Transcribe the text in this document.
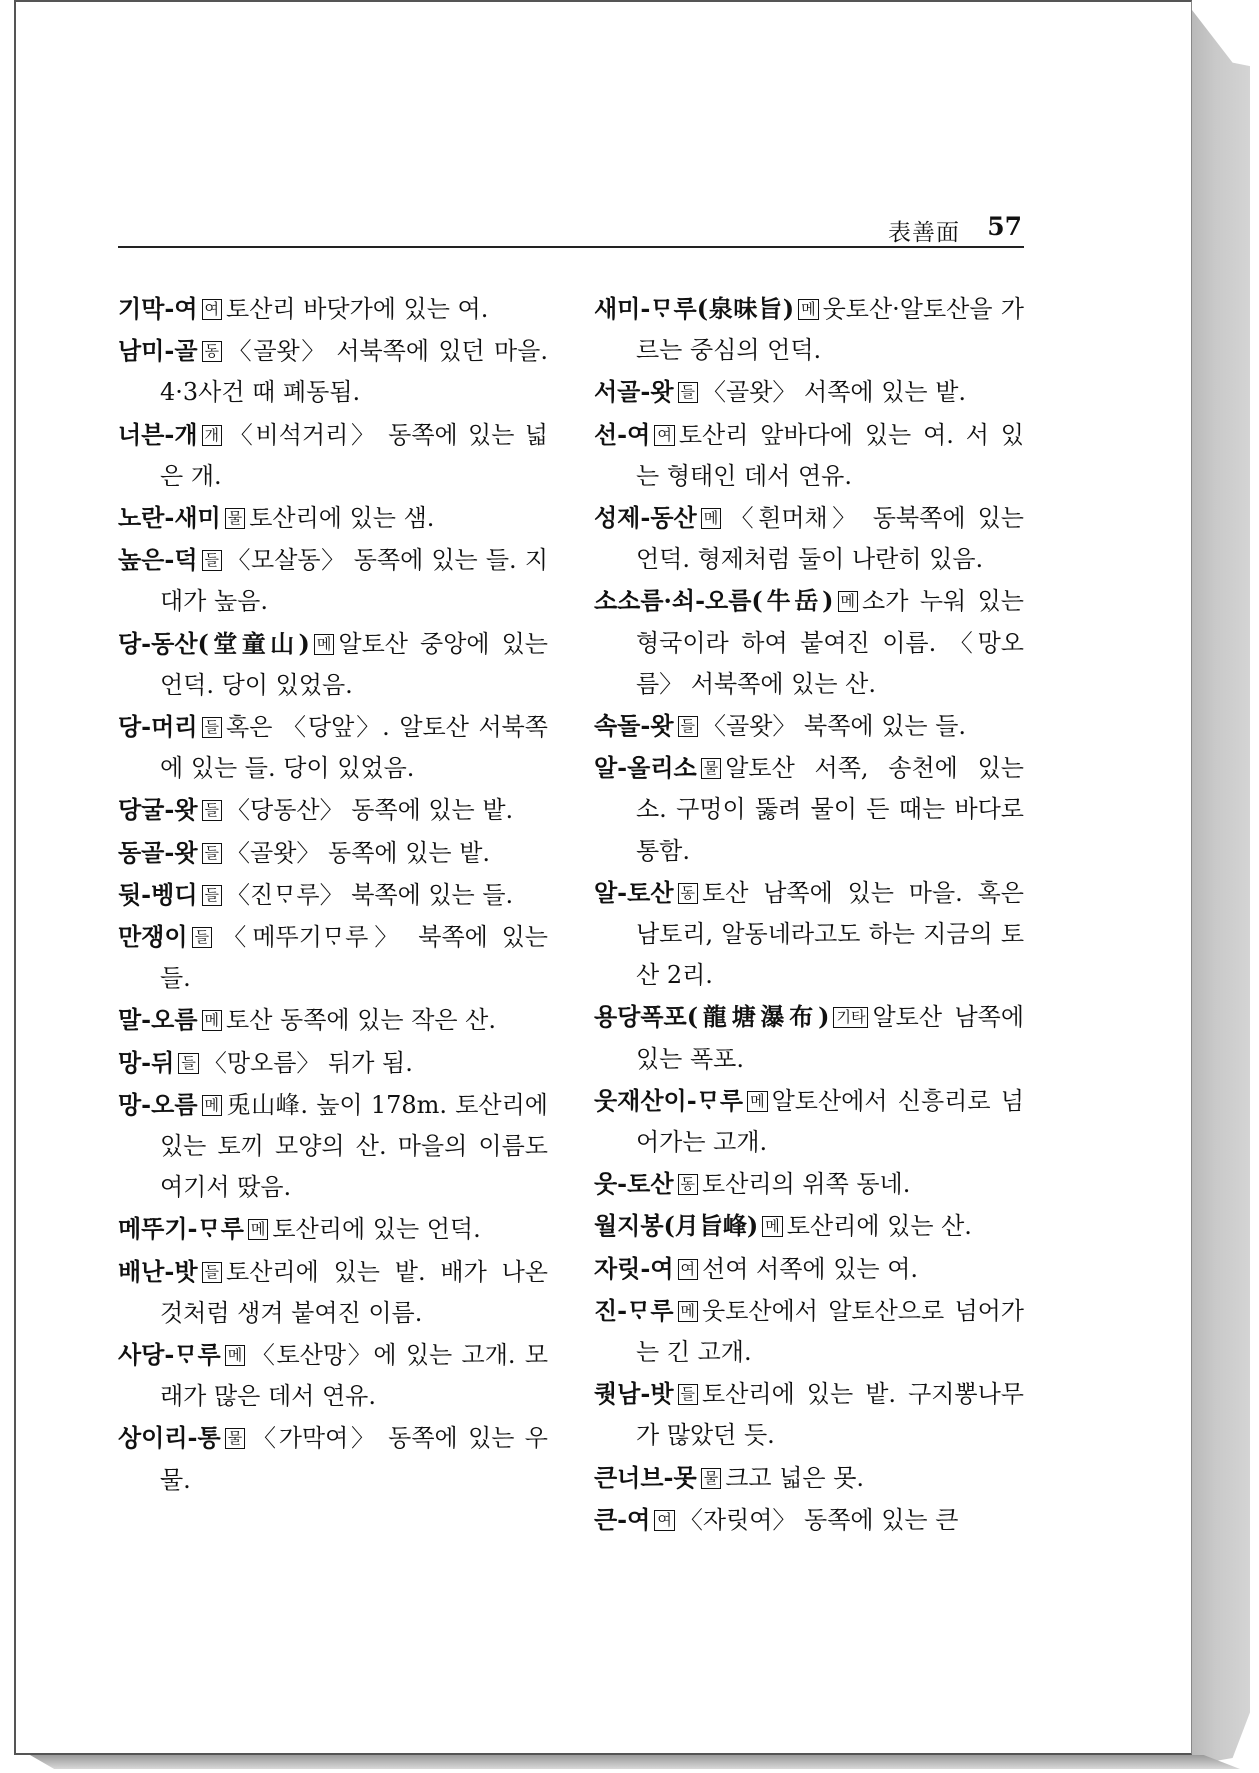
表善面 57
기막-여 여 토산리 바닷가에 있는 여.
남미-골 동 〈골왓〉 서북쪽에 있던 마을. 4·3사건 때 폐동됨.
너븐-개 개 〈비석거리〉 동쪽에 있는 넓은 개.
노란-새미 물 토산리에 있는 샘.
높은-덕 들 〈모살동〉 동쪽에 있는 들. 지대가 높음.
당-동산(堂童山) 메 알토산 중앙에 있는 언덕. 당이 있었음.
당-머리 들 혹은 〈당앞〉. 알토산 서북쪽에 있는 들. 당이 있었음.
당굴-왓 들 〈당동산〉 동쪽에 있는 밭.
동골-왓 들 〈골왓〉 동쪽에 있는 밭.
뒷-벵디 들 〈진ᄆᆞ루〉 북쪽에 있는 들.
만쟁이 들 〈메뚜기ᄆᆞ루〉 북쪽에 있는 들.
말-오름 메 토산 동쪽에 있는 작은 산.
망-뒤 들 〈망오름〉 뒤가 됨.
망-오름 메 兎山峰. 높이 178m. 토산리에 있는 토끼 모양의 산. 마을의 이름도 여기서 땄음.
메뚜기-ᄆᆞ루 메 토산리에 있는 언덕.
배난-밧 들 토산리에 있는 밭. 배가 나온 것처럼 생겨 붙여진 이름.
사당-ᄆᆞ루 메 〈토산망〉에 있는 고개. 모래가 많은 데서 연유.
상이리-통 물 〈가막여〉 동쪽에 있는 우물.
새미-ᄆᆞ루(泉味旨) 메 웃토산·알토산을 가르는 중심의 언덕.
서골-왓 들 〈골왓〉 서쪽에 있는 밭.
선-여 여 토산리 앞바다에 있는 여. 서 있는 형태인 데서 연유.
성제-동산 메 〈흰머채〉 동북쪽에 있는 언덕. 형제처럼 둘이 나란히 있음.
소소름·쇠-오름(牛岳) 메 소가 누워 있는 형국이라 하여 붙여진 이름. 〈망오름〉 서북쪽에 있는 산.
속돌-왓 들 〈골왓〉 북쪽에 있는 들.
알-올리소 물 알토산 서쪽, 송천에 있는 소. 구멍이 뚫려 물이 든 때는 바다로 통함.
알-토산 동 토산 남쪽에 있는 마을. 혹은 남토리, 알동네라고도 하는 지금의 토산 2리.
용당폭포(龍塘瀑布) 기타 알토산 남쪽에 있는 폭포.
웃재산이-ᄆᆞ루 메 알토산에서 신흥리로 넘어가는 고개.
웃-토산 동 토산리의 위쪽 동네.
월지봉(月旨峰) 메 토산리에 있는 산.
자릿-여 여 선여 서쪽에 있는 여.
진-ᄆᆞ루 메 웃토산에서 알토산으로 넘어가는 긴 고개.
퀏남-밧 들 토산리에 있는 밭. 구지뽕나무가 많았던 듯.
큰너브-못 물 크고 넓은 못.
큰-여 여 〈자릿여〉 동쪽에 있는 큰
